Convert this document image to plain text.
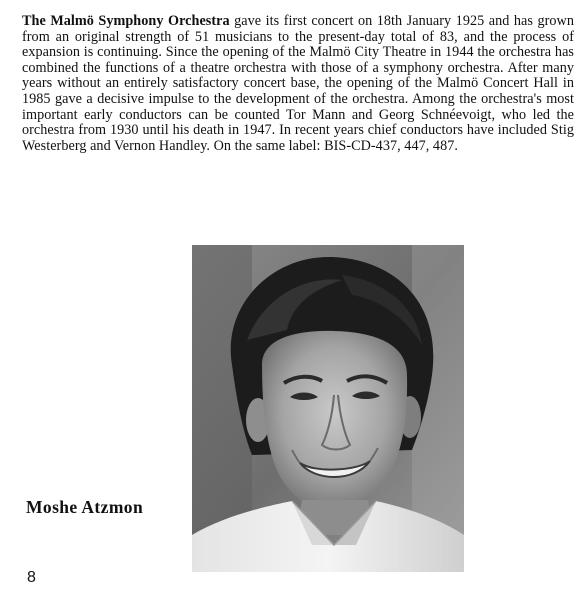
The Malmö Symphony Orchestra gave its first concert on 18th January 1925 and has grown from an original strength of 51 musicians to the present-day total of 83, and the process of expansion is continuing. Since the opening of the Malmö City Theatre in 1944 the orchestra has combined the functions of a theatre orchestra with those of a symphony orchestra. After many years without an entirely satisfactory concert base, the opening of the Malmö Concert Hall in 1985 gave a decisive impulse to the development of the orchestra. Among the orchestra's most important early conductors can be counted Tor Mann and Georg Schnéevoigt, who led the orchestra from 1930 until his death in 1947. In recent years chief conductors have included Stig Westerberg and Vernon Handley. On the same label: BIS-CD-437, 447, 487.

Moshe Atzmon

8
